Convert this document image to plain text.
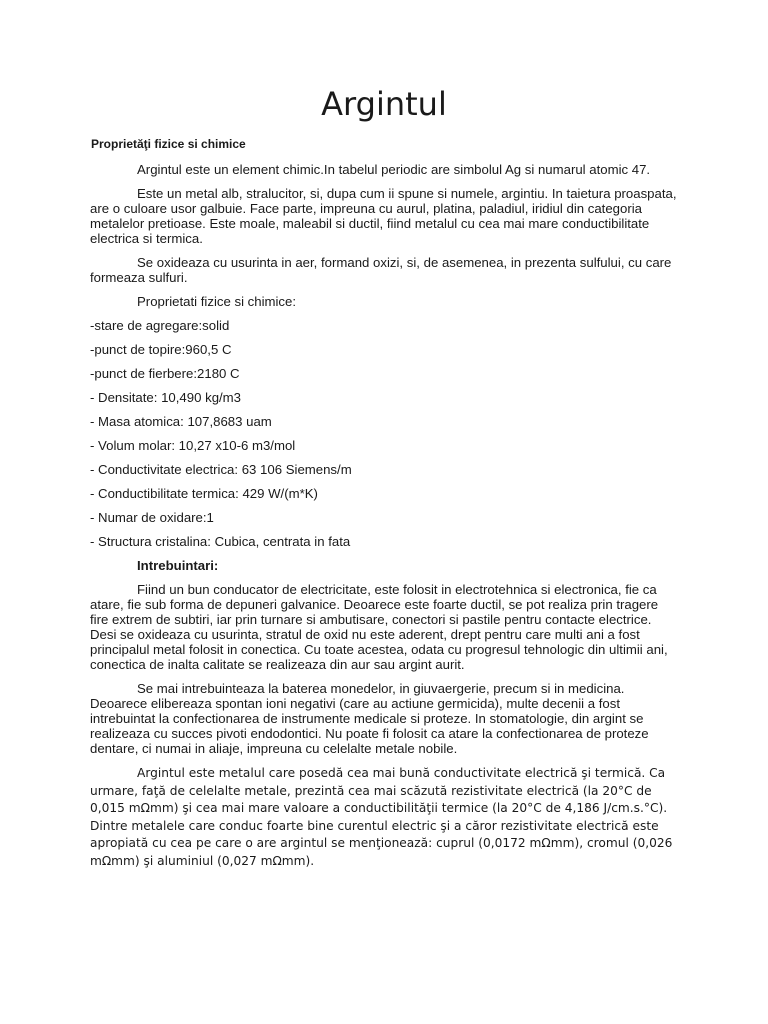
Argintul

Proprietăţi fizice si chimice

Argintul este un element chimic.In tabelul periodic are simbolul Ag si numarul atomic 47.

Este un metal alb, stralucitor, si, dupa cum ii spune si numele, argintiu. In taietura proaspata, are o culoare usor galbuie. Face parte, impreuna cu aurul, platina, paladiul, iridiul din categoria metalelor pretioase. Este moale, maleabil si ductil, fiind metalul cu cea mai mare conductibilitate electrica si termica.

Se oxideaza cu usurinta in aer, formand oxizi, si, de asemenea, in prezenta sulfului, cu care formeaza sulfuri.

Proprietati fizice si chimice:

-stare de agregare:solid

-punct de topire:960,5 C

-punct de fierbere:2180 C

- Densitate: 10,490 kg/m3

- Masa atomica: 107,8683 uam

- Volum molar: 10,27 x10-6 m3/mol

- Conductivitate electrica: 63 106 Siemens/m

- Conductibilitate termica: 429 W/(m*K)

- Numar de oxidare:1

- Structura cristalina: Cubica, centrata in fata

Intrebuintari:

Fiind un bun conducator de electricitate, este folosit in electrotehnica si electronica, fie ca atare, fie sub forma de depuneri galvanice. Deoarece este foarte ductil, se pot realiza prin tragere fire extrem de subtiri, iar prin turnare si ambutisare, conectori si pastile pentru contacte electrice. Desi se oxideaza cu usurinta, stratul de oxid nu este aderent, drept pentru care multi ani a fost principalul metal folosit in conectica. Cu toate acestea, odata cu progresul tehnologic din ultimii ani, conectica de inalta calitate se realizeaza din aur sau argint aurit.

Se mai intrebuinteaza la baterea monedelor, in giuvaergerie, precum si in medicina. Deoarece elibereaza spontan ioni negativi (care au actiune germicida), multe decenii a fost intrebuintat la confectionarea de instrumente medicale si proteze. In stomatologie, din argint se realizeaza cu succes pivoti endodontici. Nu poate fi folosit ca atare la confectionarea de proteze dentare, ci numai in aliaje, impreuna cu celelalte metale nobile.

Argintul este metalul care posedă cea mai bună conductivitate electrică şi termică. Ca urmare, faţă de celelalte metale, prezintă cea mai scăzută rezistivitate electrică (la 20°C de 0,015 mΩmm) şi cea mai mare valoare a conductibilităţii termice (la 20°C de 4,186 J/cm.s.°C). Dintre metalele care conduc foarte bine curentul electric şi a căror rezistivitate electrică este apropiată cu cea pe care o are argintul se menţionează: cuprul (0,0172 mΩmm), cromul (0,026 mΩmm) şi aluminiul (0,027 mΩmm).
